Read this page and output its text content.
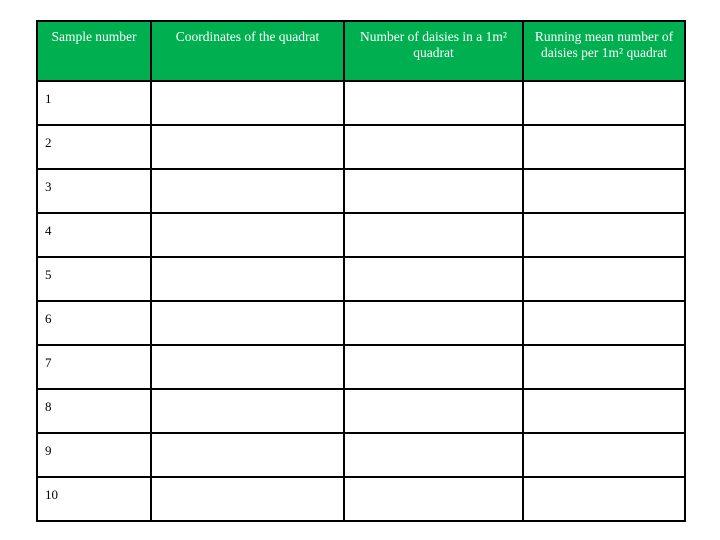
Sample number	Coordinates of the quadrat	Number of daisies in a 1m² quadrat	Running mean number of daisies per 1m² quadrat
1			
2			
3			
4			
5			
6			
7			
8			
9			
10			
